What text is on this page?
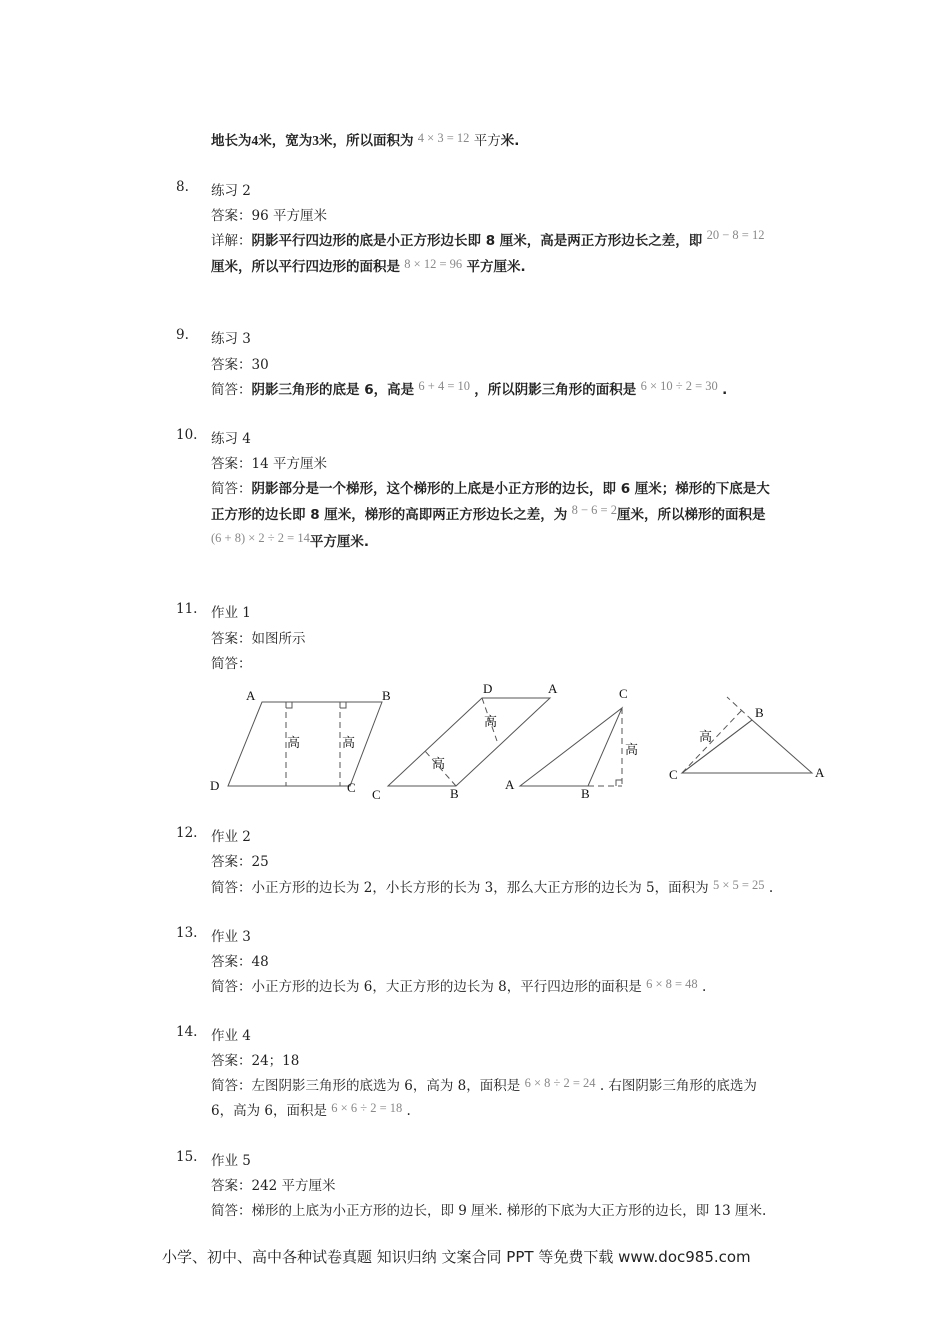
地长为4米，宽为3米，所以面积为 4 × 3 = 12 平方米.
8. 练习 2
答案：96 平方厘米
详解：阴影平行四边形的底是小正方形边长即 8 厘米，高是两正方形边长之差，即 20 − 8 = 12
厘米，所以平行四边形的面积是 8 × 12 = 96 平方厘米.
9. 练习 3
答案：30
简答：阴影三角形的底是 6，高是 6 + 4 = 10 ，所以阴影三角形的面积是 6 × 10 ÷ 2 = 30 .
10. 练习 4
答案：14 平方厘米
简答：阴影部分是一个梯形，这个梯形的上底是小正方形的边长，即 6 厘米；梯形的下底是大
正方形的边长即 8 厘米，梯形的高即两正方形边长之差，为 8 − 6 = 2厘米，所以梯形的面积是
(6 + 8) × 2 ÷ 2 = 14平方厘米.
11. 作业 1
答案：如图所示
简答：
A	B
D	C
高	高
D	A
C	B
高
高
C
A
B
高
B
C	A
高
12. 作业 2
答案：25
简答：小正方形的边长为 2，小长方形的长为 3，那么大正方形的边长为 5，面积为 5 × 5 = 25 .
13. 作业 3
答案：48
简答：小正方形的边长为 6，大正方形的边长为 8，平行四边形的面积是 6 × 8 = 48 .
14. 作业 4
答案：24；18
简答：左图阴影三角形的底选为 6，高为 8，面积是 6 × 8 ÷ 2 = 24 . 右图阴影三角形的底选为
6，高为 6，面积是 6 × 6 ÷ 2 = 18 .
15. 作业 5
答案：242 平方厘米
简答：梯形的上底为小正方形的边长，即 9 厘米. 梯形的下底为大正方形的边长，即 13 厘米.
小学、初中、高中各种试卷真题 知识归纳 文案合同 PPT 等免费下载 www.doc985.com
